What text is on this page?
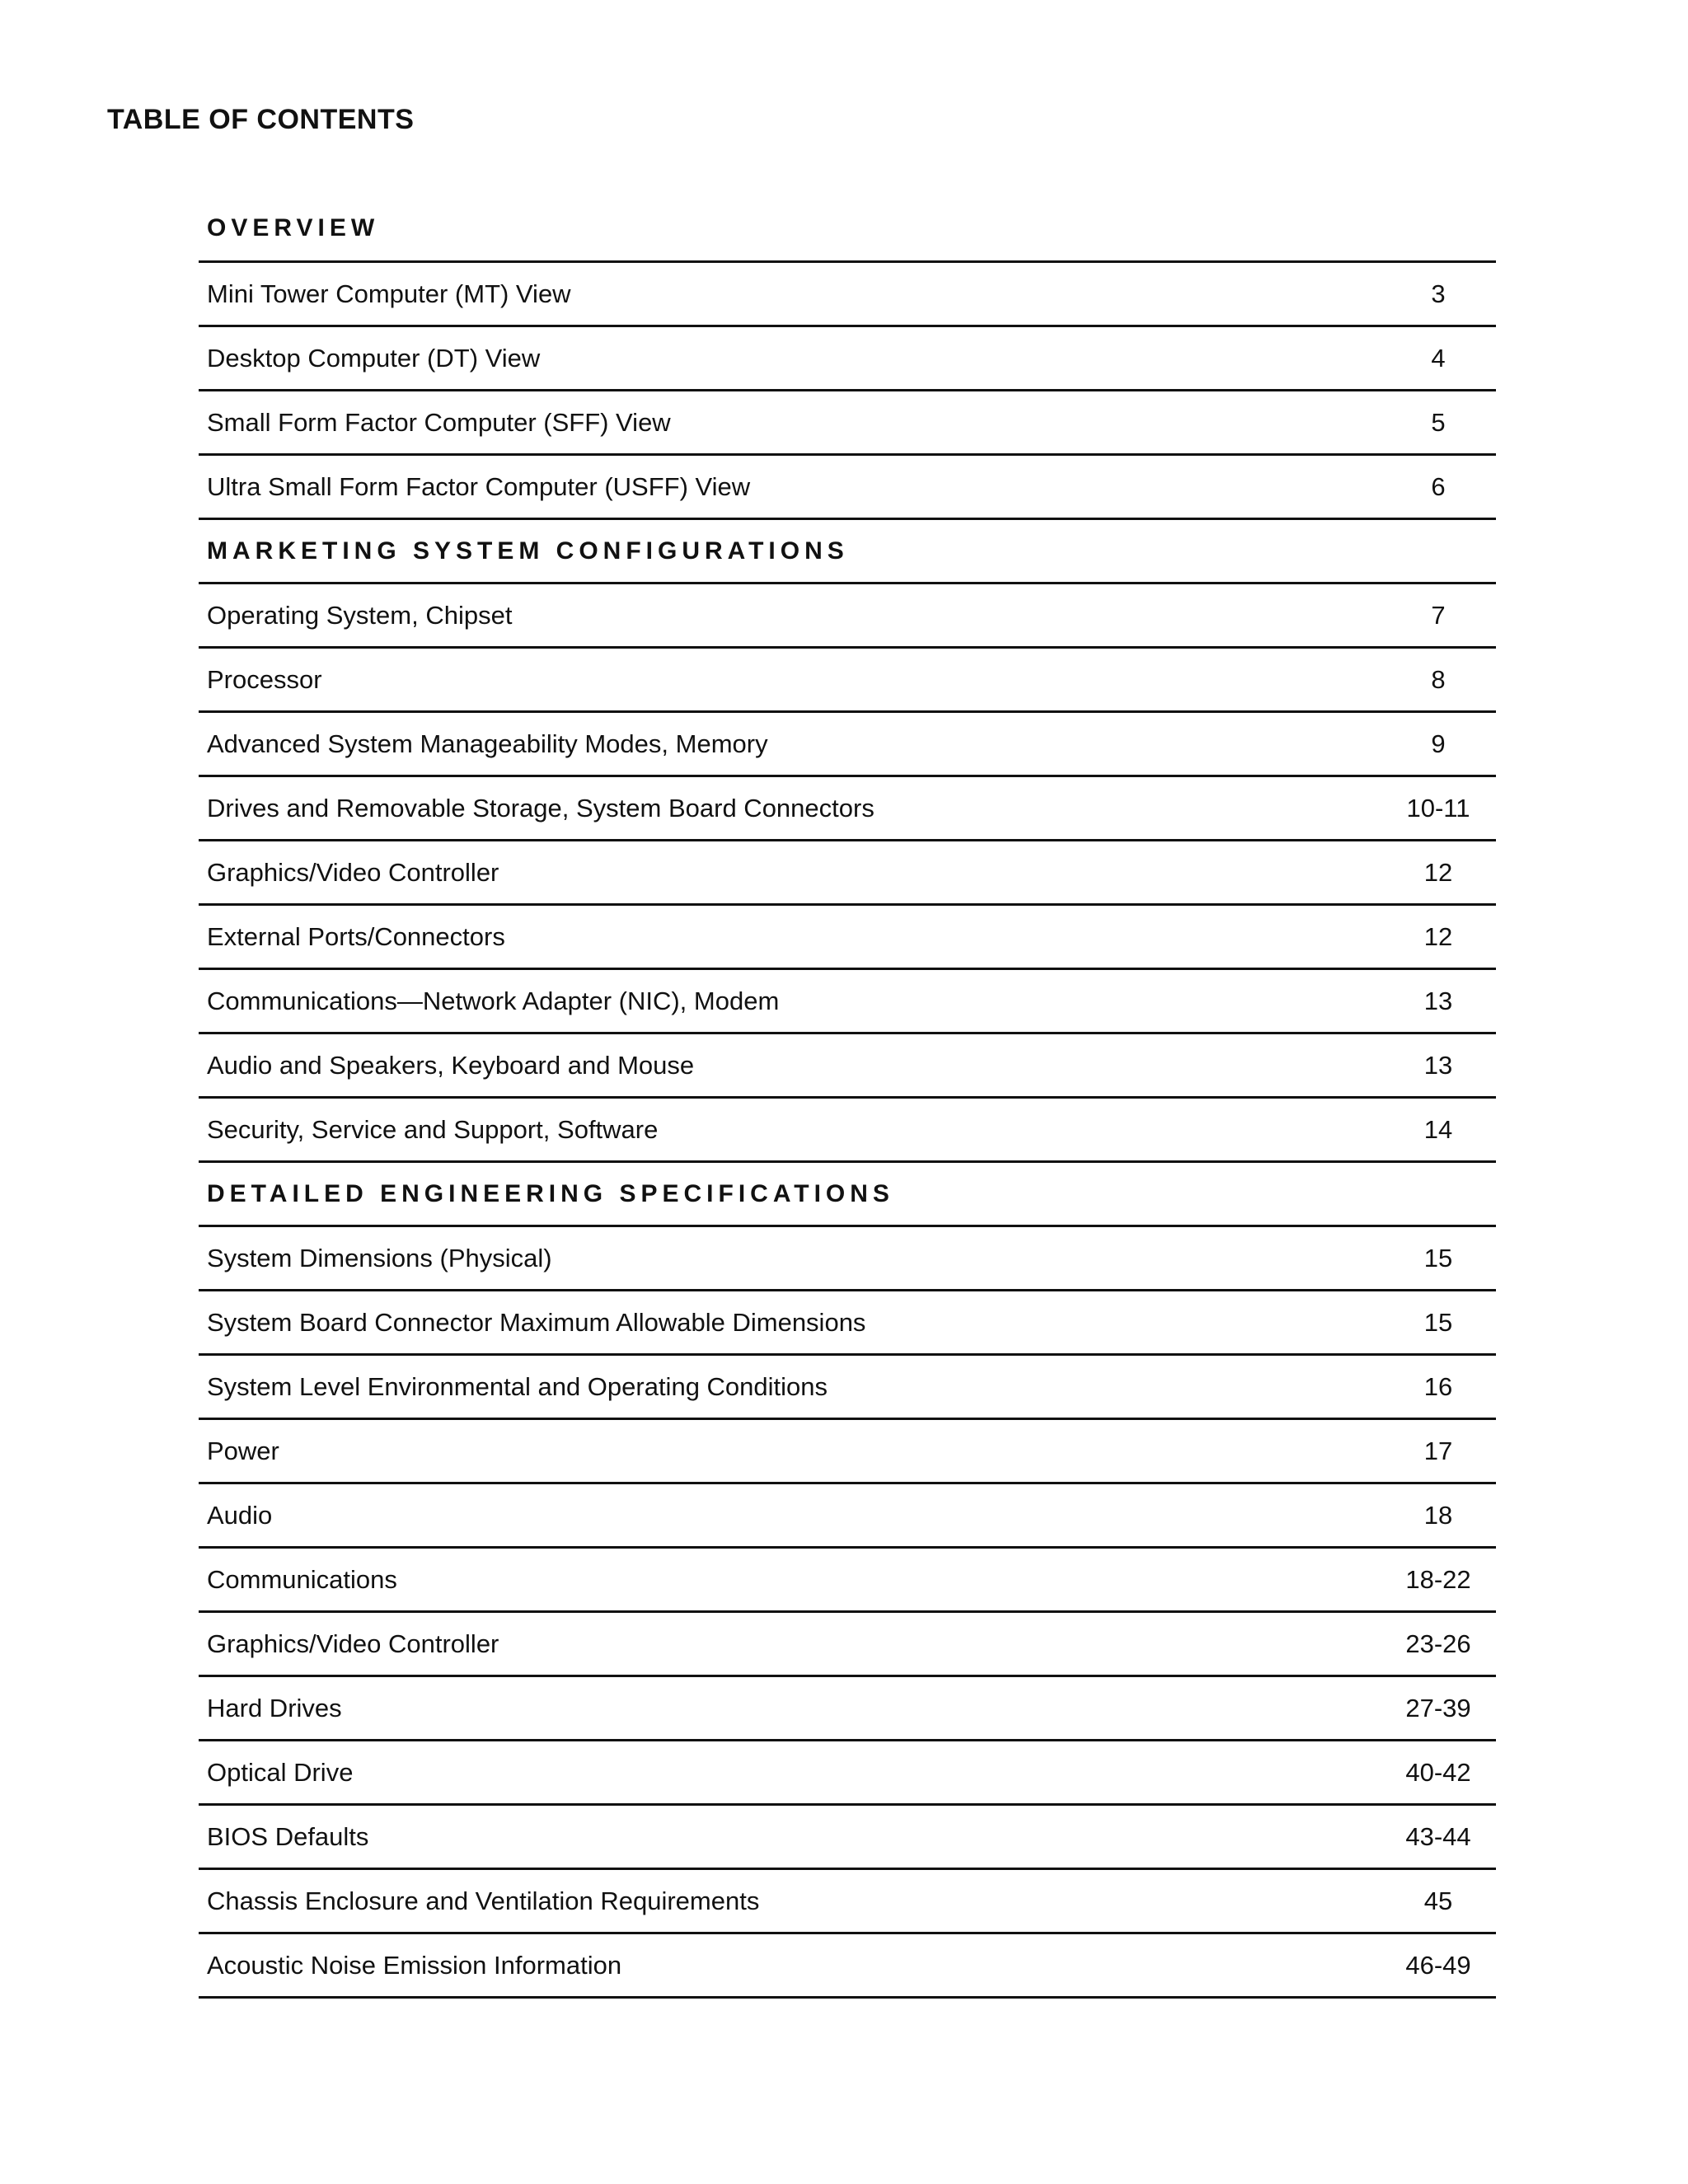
TABLE OF CONTENTS
OVERVIEW
Mini Tower Computer (MT) View	3
Desktop Computer (DT) View	4
Small Form Factor Computer (SFF) View	5
Ultra Small Form Factor Computer (USFF) View	6
MARKETING SYSTEM CONFIGURATIONS
Operating System, Chipset	7
Processor	8
Advanced System Manageability Modes, Memory	9
Drives and Removable Storage, System Board Connectors	10-11
Graphics/Video Controller	12
External Ports/Connectors	12
Communications—Network Adapter (NIC), Modem	13
Audio and Speakers, Keyboard and Mouse	13
Security, Service and Support, Software	14
DETAILED ENGINEERING SPECIFICATIONS
System Dimensions (Physical)	15
System Board Connector Maximum Allowable Dimensions	15
System Level Environmental and Operating Conditions	16
Power	17
Audio	18
Communications	18-22
Graphics/Video Controller	23-26
Hard Drives	27-39
Optical Drive	40-42
BIOS Defaults	43-44
Chassis Enclosure and Ventilation Requirements	45
Acoustic Noise Emission Information	46-49
